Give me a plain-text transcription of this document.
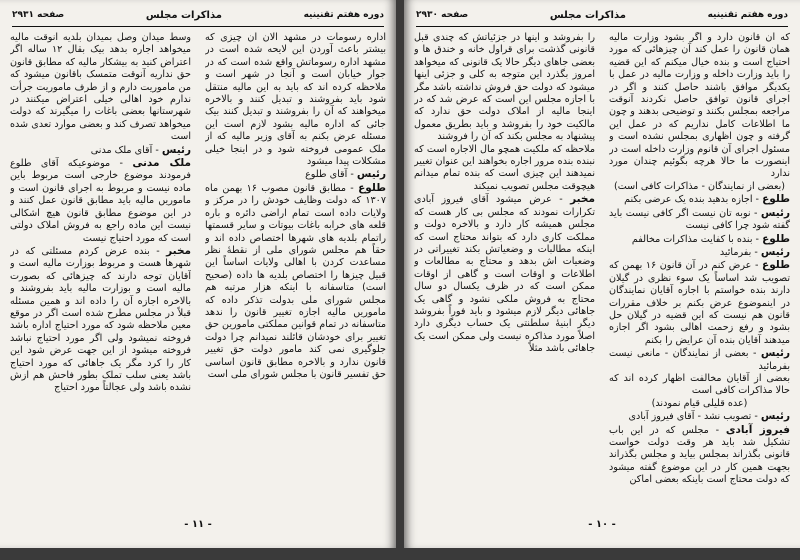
دوره هفتم تقنینیه
مذاکرات مجلس
صفحه ۲۹۳۱

اداره رسومات در مشهد الان آن چیزی که بیشتر باعث آوردن این لایحه شده است در مشهد اداره رسوماتش واقع شده است که در جوار خیابان است و آنجا در شهر است و ملاحظه کرده اند که باید به این مالیه منتقل شود باید بفروشند و تبدیل کنند و بالاخره میخواهند که آن را بفروشند و تبدیل کنند بیک جائی که اداره مالیه بشود لازم است این مسئله عرض بکنم به آقای وزیر مالیه که از ملک عمومی فروخته شود و در اینجا خیلی مشکلات پیدا میشود

رئیس - آقای طلوع

طلوع - مطابق قانون مصوب ۱۶ بهمن ماه ۱۳۰۷ که دولت وظایف خودش را در مرکز و ولایات داده است تمام اراضی دائره و باره قلعه های خرابه باغات بیوتات و سایر قسمتها راتمام بلدیه های شهرها اختصاص داده اند و حقاً هم مجلس شورای ملی از نقطهٔ نظر مساعدت کردن با اهالی ولایات اساساً این قبیل چیزها را اختصاص بلدیه ها داده (صحیح است) متاسفانه با اینکه هزار مرتبه هم مجلس شورای ملی بدولت تذکر داده که ماموریں مالیه اجازه تغییر قانون را ندهد متاسفانه در تمام قوانین مملکتی مامورین حق تغییر برای خودشان قائلند نمیدانم چرا دولت جلوگیری نمی کند مامور دولت حق تغییر قانون ندارد و بالاخره مطابق قانون اساسی حق تفسیر قانون با مجلس شورای ملی است

وسط میدان وصل بمیدان بلدیه آنوقت مالیه میخواهد اجاره بدهد بیک بقال ۱۲ ساله اگر اعتراض کنید به بیشکار مالیه که مطابق قانون حق نداریه آنوقت متمسک باقانون میشود که من ماموریت دارم و از طرف ماموریت جرأت ندارم خود اهالی خیلی اعتراض میکنند در شهرستانها بعضی باغات را میگیرند که دولت میخواهد تصرف کند و بعضی موارد تعدی شده است

رئیس - آقای ملک مدنی

ملک مدنی - موضوعیکه آقای طلوع فرمودند موضوع خارجی است مربوط باین ماده نیست و مربوط به اجرای قانون است و ماموریں مالیه باید مطابق قانون عمل کنند و در این موضوع مطابق قانون هیچ اشکالی نیست این ماده راجع به فروش املاک دولتی است که مورد احتیاج نیست

مخبر - بنده عرض کردم مسئلتی که در شهرها هست و مربوط بوزارت مالیه است و آقایان توجه دارند که چیزهائی که بصورت مالیه است و بوزارت مالیه باید بفروشند و بالاخره اجازه آن را داده اند و همین مسئله قبلاً در مجلس مطرح شده است اگر در موقع معین ملاحظه شود که مورد احتیاج اداره باشد فروخته نمیشود ولی اگر مورد احتیاج نباشد فروخته میشود از این جهت عرض شود این کار را کرد مگر یک جاهائی که مورد احتیاج باشد یعنی سلب تملک بطور فاحش هم ازش نشده باشد ولی عجالتاً مورد احتیاج

- ۱۱ -
دوره هفتم تقنینیه
مذاکرات مجلس
صفحه ۲۹۳۰

که آن قانون دارد و اگر بشود وزارت مالیه همان قانون را عمل کند آن چیزهائی که مورد احتیاج است و بنده خیال میکنم که این قضیه را باید وزارت داخله و وزارت مالیه در عمل با یکدیگر موافق باشند حاصل کنند و اگر در اجرای قانون توافق حاصل نکردند آنوقت مراجعه بمجلس بکنند و توضیحی بدهند و چون ما اطلاعات کامل نداریم که در عمل این گرفته و چون اظهاری بمجلس نشده است و مسئول اجرای آن قانوم وزارت داخله است در اینصورت ما حالا هرچه بگوئیم چندان مورد ندارد

(بعضی از نمایندگان - مذاکرات کافی است)

طلوع - اجازه بدهید بنده یک عرضی بکنم

رئیس - نوبه تان نیست اگر کافی نیست باید گفته شود چرا کافی نیست

طلوع - بنده با کفایت مذاکرات مخالفم

رئیس - بفرمائید

طلوع - عرض کنم در آن قانون ۱۶ بهمن که تصویب شد اساساً یک سوء نظری در گیلان دارند بنده خواستم با اجازه آقایان نمایندگان در اینموضوع عرض بکنم بر خلاف مقررات قانون هم نیست که این قضیه در گیلان حل بشود و رفع زحمت اهالی بشود اگر اجازه میدهند آقایان بنده آن عرایض را بکنم

رئیس - بعضی از نمایندگان - مانعی نیست بفرمائید

بعضی از آقایان مخالفت اظهار کرده اند که حالا مذاکرات کافی است

(عده قلیلی قیام نمودند)

رئیس - تصویب نشد - آقای فیروز آبادی

فیروز آبادی - مجلس که در این باب تشکیل شد باید هر وقت دولت خواست قانونی بگذراند بمجلس بیاید و مجلس بگذراند بجهت همین کار در این موضوع گفته میشود که دولت محتاج است باینکه بعضی اماکن

را بفروشد و اینها در جزئیاتش که چندی قبل قانونی گذشت برای قراول خانه و خندق ها و بعضی جاهای دیگر حالا یک قانونی که میخواهد امروز بگذرد این متوجه به کلی و جزئی اینها میشود که دولت حق فروش نداشته باشد مگر با اجازه مجلس این است که عرض شد که در اینجا مالیه از املاک دولت حق ندارد که مالکیت خود را بفروشد و باید بطریق معمول پیشنهاد به مجلس بکند که آن را فروشند

ملاحظه که ملکیت همچو مال الاجاره است که نبنده بنده مرور اجاره بخواهند این عنوان تغییر نمیدهند این چیزی است که بنده تمام میدانم هیچوقت مجلس تصویب نمیکند

مخبر - عرض میشود آقای فیروز آبادی تکرارات نمودند که مجلس بی کار هست که مجلس همیشه کار دارد و بالاخره دولت و مملکت کاری دارد که بتواند محتاج است که اینکه مطالبات و وضعیاتش بکند تغییراتی در وضعیات اش بدهد و محتاج به مطالعات و اطلاعات و اوقات است و گاهی از اوقات ممکن است که در ظرف یکسال دو سال محتاج به فروش ملکی نشود و گاهی یک جاهائی دیگر لازم میشود و باید فوراً بفروشد دیگر ابنیهٔ سلطنتی یک حساب دیگری دارد اصلاً مورد مذاکره نیست ولی ممکن است یک جاهائی باشد مثلاً

- ۱۰ -
